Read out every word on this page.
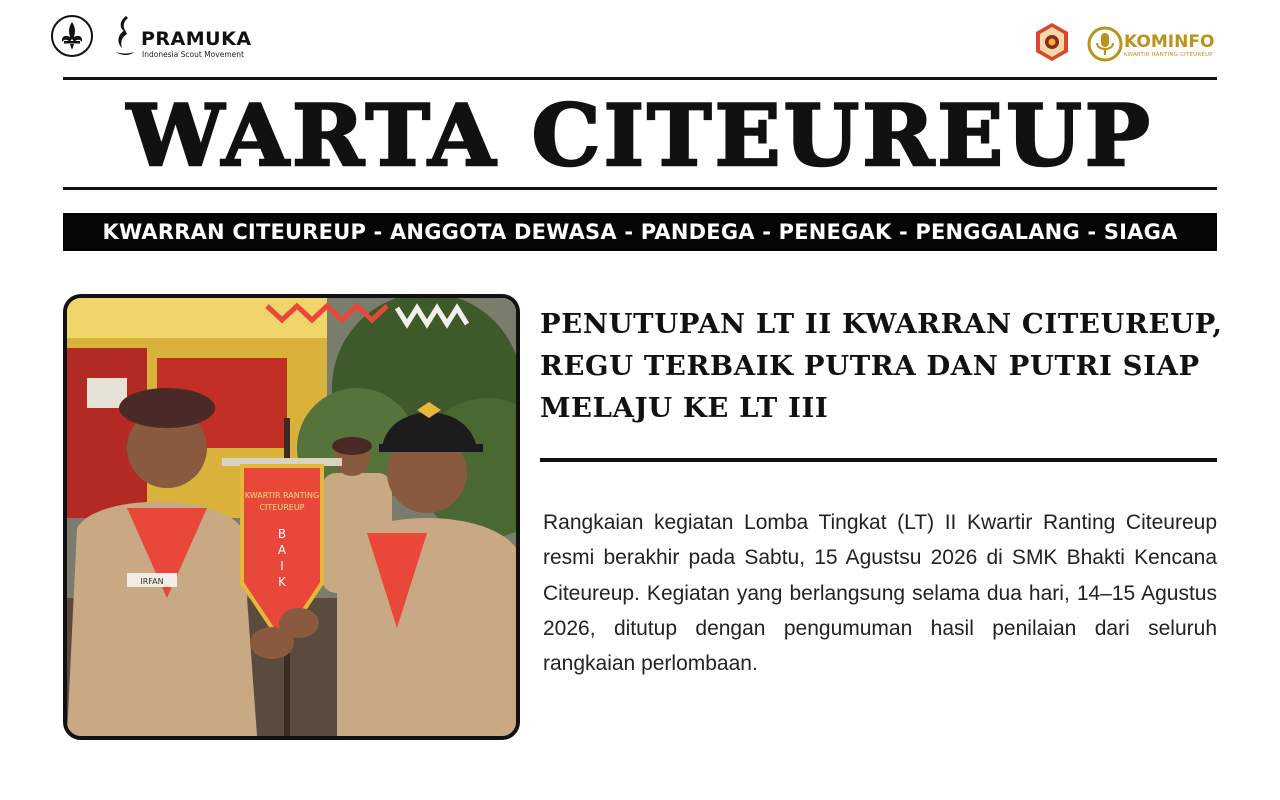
PRAMUKA
Indonesia Scout Movement
KOMINFO
KWARTIR RANTING CITEUREUP
WARTA CITEUREUP
KWARRAN CITEUREUP - ANGGOTA DEWASA - PANDEGA - PENEGAK - PENGGALANG - SIAGA
IRFAN
KWARTIR RANTING
CITEUREUP
B
A
I
K
PENUTUPAN LT II KWARRAN CITEUREUP,
REGU TERBAIK PUTRA DAN PUTRI SIAP
MELAJU KE LT III
Rangkaian kegiatan Lomba Tingkat (LT) II Kwartir Ranting Citeureup resmi berakhir pada Sabtu, 15 Agustsu 2026 di SMK Bhakti Kencana Citeureup. Kegiatan yang berlangsung selama dua hari, 14–15 Agustus 2026, ditutup dengan pengumuman hasil penilaian dari seluruh rangkaian perlombaan.
